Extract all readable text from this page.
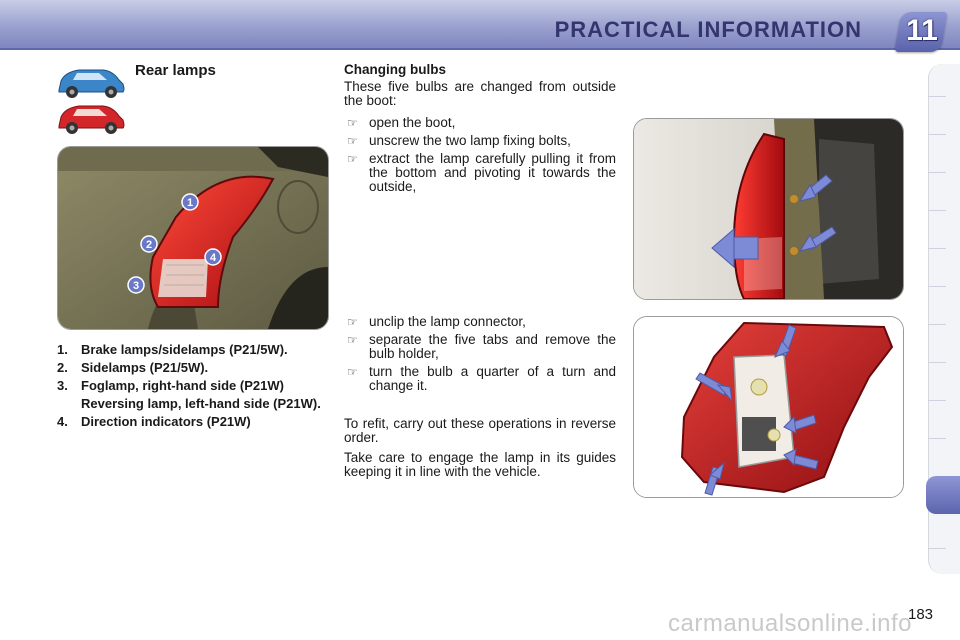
PRACTICAL INFORMATION 11
Rear lamps
1
2
3
4
1. Brake lamps/sidelamps (P21/5W).
2. Sidelamps (P21/5W).
3. Foglamp, right-hand side (P21W)
Reversing lamp, left-hand side (P21W).
4. Direction indicators (P21W)
Changing bulbs
These five bulbs are changed from outside the boot:
☞ open the boot,
☞ unscrew the two lamp fixing bolts,
☞ extract the lamp carefully pulling it from the bottom and pivoting it towards the outside,
☞ unclip the lamp connector,
☞ separate the five tabs and remove the bulb holder,
☞ turn the bulb a quarter of a turn and change it.
To refit, carry out these operations in reverse order.
Take care to engage the lamp in its guides keeping it in line with the vehicle.
183
carmanualsonline.info
